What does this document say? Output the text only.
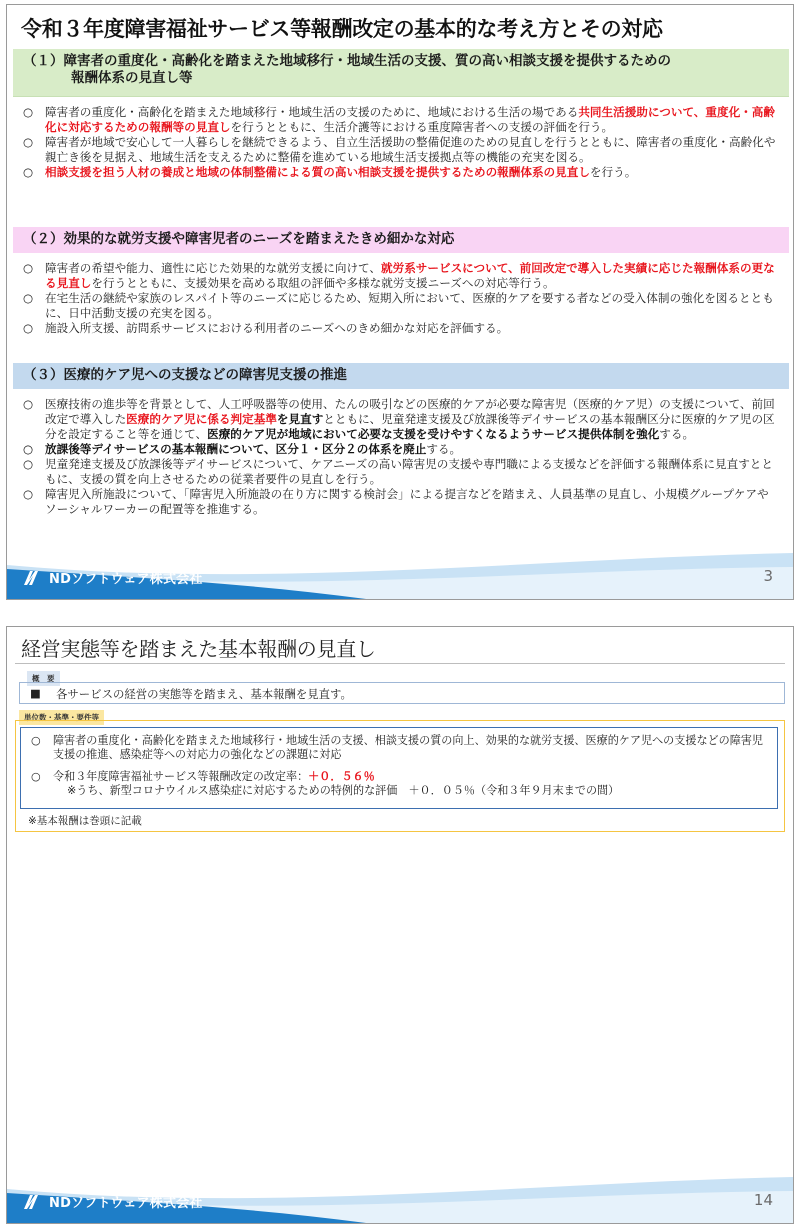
令和３年度障害福祉サービス等報酬改定の基本的な考え方とその対応
（１）障害者の重度化・高齢化を踏まえた地域移行・地域生活の支援、質の高い相談支援を提供するための
報酬体系の見直し等

○	障害者の重度化・高齢化を踏まえた地域移行・地域生活の支援のために、地域における生活の場である共同生活援助について、重度化・高齢化に対応するための報酬等の見直しを行うとともに、生活介護等における重度障害者への支援の評価を行う。

○	障害者が地域で安心して一人暮らしを継続できるよう、自立生活援助の整備促進のための見直しを行うとともに、障害者の重度化・高齢化や親亡き後を見据え、地域生活を支えるために整備を進めている地域生活支援拠点等の機能の充実を図る。

○	相談支援を担う人材の養成と地域の体制整備による質の高い相談支援を提供するための報酬体系の見直しを行う。

（２）効果的な就労支援や障害児者のニーズを踏まえたきめ細かな対応

○	障害者の希望や能力、適性に応じた効果的な就労支援に向けて、就労系サービスについて、前回改定で導入した実績に応じた報酬体系の更なる見直しを行うとともに、支援効果を高める取組の評価や多様な就労支援ニーズへの対応等行う。

○	在宅生活の継続や家族のレスパイト等のニーズに応じるため、短期入所において、医療的ケアを要する者などの受入体制の強化を図るとともに、日中活動支援の充実を図る。

○	施設入所支援、訪問系サービスにおける利用者のニーズへのきめ細かな対応を評価する。

（３）医療的ケア児への支援などの障害児支援の推進

○	医療技術の進歩等を背景として、人工呼吸器等の使用、たんの吸引などの医療的ケアが必要な障害児（医療的ケア児）の支援について、前回改定で導入した医療的ケア児に係る判定基準を見直すとともに、児童発達支援及び放課後等デイサービスの基本報酬区分に医療的ケア児の区分を設定すること等を通じて、医療的ケア児が地域において必要な支援を受けやすくなるようサービス提供体制を強化する。

○	放課後等デイサービスの基本報酬について、区分１・区分２の体系を廃止する。

○	児童発達支援及び放課後等デイサービスについて、ケアニーズの高い障害児の支援や専門職による支援などを評価する報酬体系に見直すとともに、支援の質を向上させるための従業者要件の見直しを行う。

○	障害児入所施設について、「障害児入所施設の在り方に関する検討会」による提言などを踏まえ、人員基準の見直し、小規模グループケアやソーシャルワーカーの配置等を推進する。

NDソフトウェア株式会社	3
経営実態等を踏まえた基本報酬の見直し
概　要
■	各サービスの経営の実態等を踏まえ、基本報酬を見直す。
単位数・基準・要件等
○	障害者の重度化・高齢化を踏まえた地域移行・地域生活の支援、相談支援の質の向上、効果的な就労支援、医療的ケア児への支援などの障害児支援の推進、感染症等への対応力の強化などの課題に対応
○	令和３年度障害福祉サービス等報酬改定の改定率：＋０．５６％
※うち、新型コロナウイルス感染症に対応するための特例的な評価　＋０．０５％（令和３年９月末までの間）
※基本報酬は巻頭に記載
NDソフトウェア株式会社	14
